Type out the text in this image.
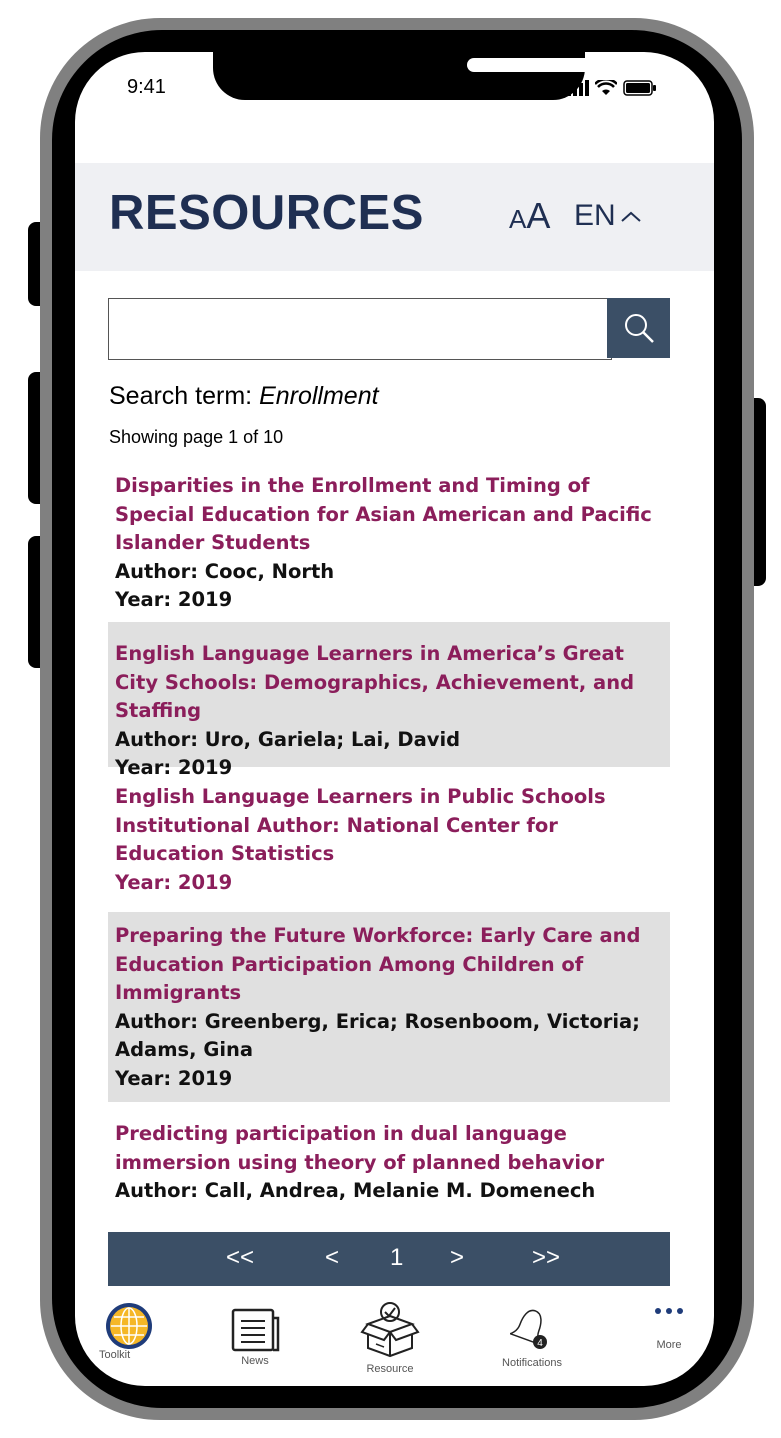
9:41
RESOURCES	AA EN
Search term: Enrollment
Showing page 1 of 10
Disparities in the Enrollment and Timing of Special Education for Asian American and Pacific Islander Students
Author: Cooc, North
Year: 2019
English Language Learners in America’s Great City Schools: Demographics, Achievement, and Staffing
Author: Uro, Gariela; Lai, David
Year: 2019
English Language Learners in Public Schools
Institutional Author: National Center for Education Statistics
Year: 2019
Preparing the Future Workforce: Early Care and Education Participation Among Children of Immigrants
Author: Greenberg, Erica; Rosenboom, Victoria; Adams, Gina
Year: 2019
Predicting participation in dual language immersion using theory of planned behavior
Author: Call, Andrea, Melanie M. Domenech
<<	< 1 >	>>
Toolkit	News
Resource
4
Notifications
More
